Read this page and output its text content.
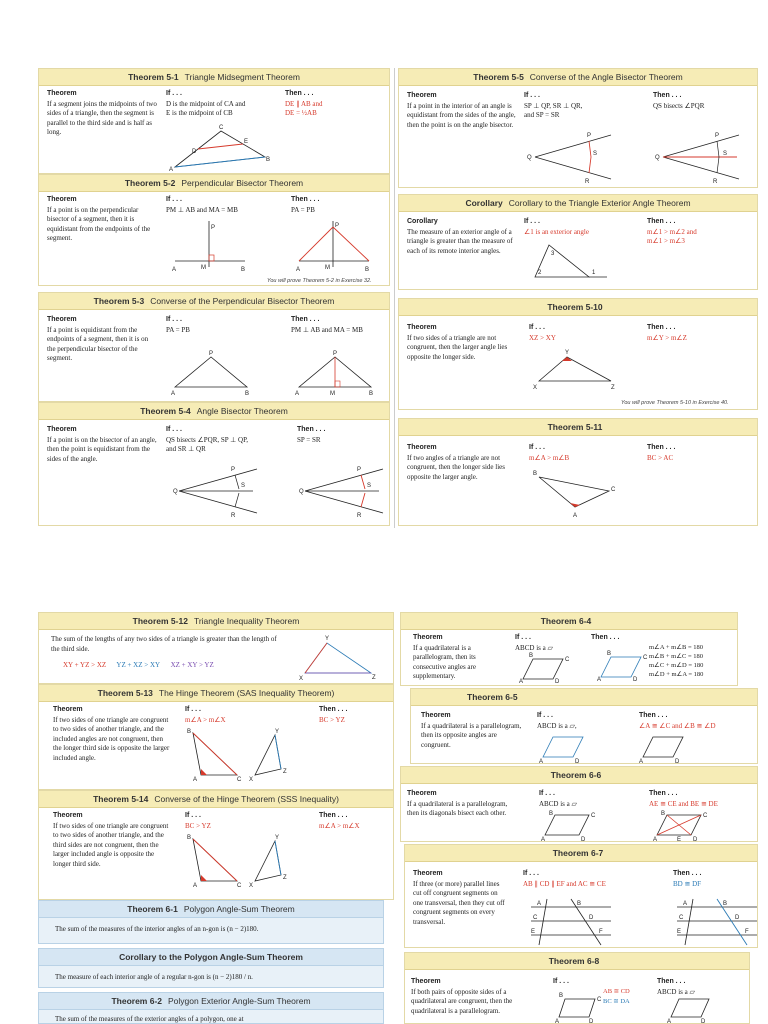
Theorem 5-1 Triangle Midsegment Theorem
Theorem
If a segment joins the midpoints of two sides of a triangle, then the segment is parallel to the third side and is half as long.
If . . .
D is the midpoint of CA and
E is the midpoint of CB
Then . . .
DE ∥ AB and
DE = ½AB
C
A
B
D
E
Theorem 5-2 Perpendicular Bisector Theorem
Theorem
If a point is on the perpendicular bisector of a segment, then it is equidistant from the endpoints of the segment.
If . . .
PM ⊥ AB and MA = MB
Then . . .
PA = PB
P
A	M	B
P
A	M	B
You will prove Theorem 5-2 in Exercise 32.
Theorem 5-3 Converse of the Perpendicular Bisector Theorem
Theorem
If a point is equidistant from the endpoints of a segment, then it is on the perpendicular bisector of the segment.
If . . .
PA = PB
Then . . .
PM ⊥ AB and MA = MB
P
A	B
P
A	M	B
Theorem 5-4 Angle Bisector Theorem
Theorem
If a point is on the bisector of an angle, then the point is equidistant from the sides of the angle.
If . . .
QS bisects ∠PQR, SP ⊥ QP,
and SR ⊥ QR
Then . . .
SP = SR
Q
P
S
R
Q
P
S
R
Theorem 5-5 Converse of the Angle Bisector Theorem
Theorem
If a point in the interior of an angle is equidistant from the sides of the angle, then the point is on the angle bisector.
If . . .
SP ⊥ QP, SR ⊥ QR,
and SP = SR
Then . . .
QS bisects ∠PQR
Q
P
S
R
Q
P
S
R
Corollary Corollary to the Triangle Exterior Angle Theorem
Corollary
The measure of an exterior angle of a triangle is greater than the measure of each of its remote interior angles.
If . . .
∠1 is an exterior angle
Then . . .
m∠1 > m∠2 and
m∠1 > m∠3
3
2	1
Theorem 5-10
Theorem
If two sides of a triangle are not congruent, then the larger angle lies opposite the longer side.
If . . .
XZ > XY
Then . . .
m∠Y > m∠Z
Y
X	Z
You will prove Theorem 5-10 in Exercise 40.
Theorem 5-11
Theorem
If two angles of a triangle are not congruent, then the longer side lies opposite the larger angle.
If . . .
m∠A > m∠B
Then . . .
BC > AC
B
A
C
Theorem 5-12 Triangle Inequality Theorem
The sum of the lengths of any two sides of a triangle is greater than the length of the third side.
XY + YZ > XZ YZ + XZ > XY XZ + XY > YZ
Y
X	Z
Theorem 5-13 The Hinge Theorem (SAS Inequality Theorem)
Theorem
If two sides of one triangle are congruent to two sides of another triangle, and the included angles are not congruent, then the longer third side is opposite the larger included angle.
If . . .
m∠A > m∠X
Then . . .
BC > YZ
B
A	C
Y
X
Z
Theorem 5-14 Converse of the Hinge Theorem (SSS Inequality)
Theorem
If two sides of one triangle are congruent to two sides of another triangle, and the third sides are not congruent, then the larger included angle is opposite the longer third side.
If . . .
BC > YZ
Then . . .
m∠A > m∠X
B
A	C
Y
X
Z
Theorem 6-1 Polygon Angle-Sum Theorem
The sum of the measures of the interior angles of an n-gon is (n − 2)180.
Corollary to the Polygon Angle-Sum Theorem
The measure of each interior angle of a regular n-gon is (n − 2)180 / n.
Theorem 6-2 Polygon Exterior Angle-Sum Theorem
The sum of the measures of the exterior angles of a polygon, one at
Theorem 6-4
Theorem
If a quadrilateral is a parallelogram, then its consecutive angles are supplementary.
If . . .
ABCD is a ▱
Then . . .
m∠A + m∠B = 180
m∠B + m∠C = 180
m∠C + m∠D = 180
m∠D + m∠A = 180
B
C
A	D
B
C
A	D
Theorem 6-5
Theorem
If a quadrilateral is a parallelogram, then its opposite angles are congruent.
If . . .
ABCD is a ▱,
Then . . .
∠A ≅ ∠C and ∠B ≅ ∠D
A	D	A	D
Theorem 6-6
Theorem
If a quadrilateral is a parallelogram, then its diagonals bisect each other.
If . . .
ABCD is a ▱
Then . . .
AE ≅ CE and BE ≅ DE
A	D
B	C
A	E D
B	C
Theorem 6-7
Theorem
If three (or more) parallel lines cut off congruent segments on one transversal, then they cut off congruent segments on every transversal.
If . . .
AB ∥ CD ∥ EF and AC ≅ CE
Then . . .
BD ≅ DF
A	B
C	D
E	F
A	B
C	D
E	F
Theorem 6-8
Theorem
If both pairs of opposite sides of a quadrilateral are congruent, then the quadrilateral is a parallelogram.
If . . .
AB ≅ CD
BC ≅ DA
Then . . .
ABCD is a ▱
B
C
A	D	A	D
